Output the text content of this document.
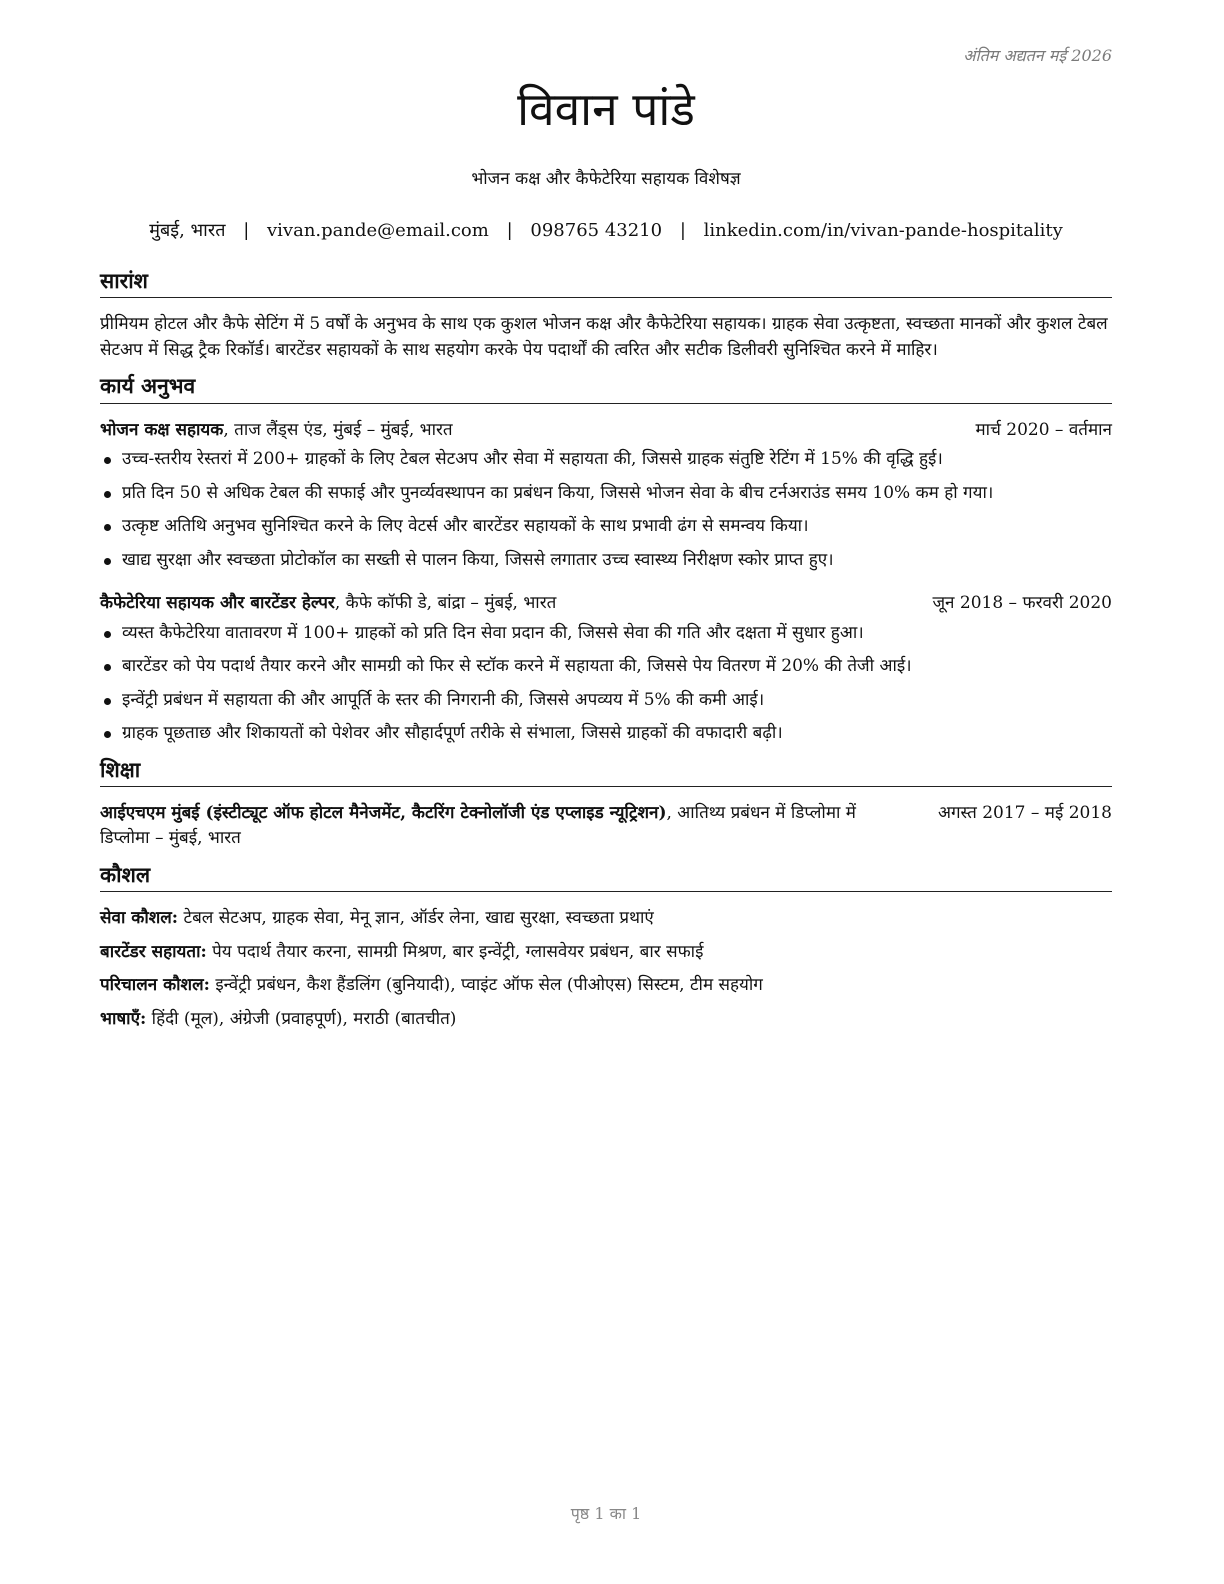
अंतिम अद्यतन मई 2026
विवान पांडे
भोजन कक्ष और कैफेटेरिया सहायक विशेषज्ञ
मुंबई, भारत | vivan.pande@email.com | 098765 43210 | linkedin.com/in/vivan-pande-hospitality
सारांश

प्रीमियम होटल और कैफे सेटिंग में 5 वर्षों के अनुभव के साथ एक कुशल भोजन कक्ष और कैफेटेरिया सहायक। ग्राहक सेवा उत्कृष्टता, स्वच्छता मानकों और कुशल टेबल सेटअप में सिद्ध ट्रैक रिकॉर्ड। बारटेंडर सहायकों के साथ सहयोग करके पेय पदार्थों की त्वरित और सटीक डिलीवरी सुनिश्चित करने में माहिर।

कार्य अनुभव
भोजन कक्ष सहायक, ताज लैंड्स एंड, मुंबई – मुंबई, भारत	मार्च 2020 – वर्तमान
उच्च-स्तरीय रेस्तरां में 200+ ग्राहकों के लिए टेबल सेटअप और सेवा में सहायता की, जिससे ग्राहक संतुष्टि रेटिंग में 15% की वृद्धि हुई।
प्रति दिन 50 से अधिक टेबल की सफाई और पुनर्व्यवस्थापन का प्रबंधन किया, जिससे भोजन सेवा के बीच टर्नअराउंड समय 10% कम हो गया।
उत्कृष्ट अतिथि अनुभव सुनिश्चित करने के लिए वेटर्स और बारटेंडर सहायकों के साथ प्रभावी ढंग से समन्वय किया।
खाद्य सुरक्षा और स्वच्छता प्रोटोकॉल का सख्ती से पालन किया, जिससे लगातार उच्च स्वास्थ्य निरीक्षण स्कोर प्राप्त हुए।
कैफेटेरिया सहायक और बारटेंडर हेल्पर, कैफे कॉफी डे, बांद्रा – मुंबई, भारत	जून 2018 – फरवरी 2020
व्यस्त कैफेटेरिया वातावरण में 100+ ग्राहकों को प्रति दिन सेवा प्रदान की, जिससे सेवा की गति और दक्षता में सुधार हुआ।
बारटेंडर को पेय पदार्थ तैयार करने और सामग्री को फिर से स्टॉक करने में सहायता की, जिससे पेय वितरण में 20% की तेजी आई।
इन्वेंट्री प्रबंधन में सहायता की और आपूर्ति के स्तर की निगरानी की, जिससे अपव्यय में 5% की कमी आई।
ग्राहक पूछताछ और शिकायतों को पेशेवर और सौहार्दपूर्ण तरीके से संभाला, जिससे ग्राहकों की वफादारी बढ़ी।
शिक्षा
आईएचएम मुंबई (इंस्टीट्यूट ऑफ होटल मैनेजमेंट, कैटरिंग टेक्नोलॉजी एंड एप्लाइड न्यूट्रिशन), आतिथ्य प्रबंधन में डिप्लोमा में डिप्लोमा – मुंबई, भारत
अगस्त 2017 – मई 2018
कौशल
सेवा कौशल: टेबल सेटअप, ग्राहक सेवा, मेनू ज्ञान, ऑर्डर लेना, खाद्य सुरक्षा, स्वच्छता प्रथाएं
बारटेंडर सहायता: पेय पदार्थ तैयार करना, सामग्री मिश्रण, बार इन्वेंट्री, ग्लासवेयर प्रबंधन, बार सफाई
परिचालन कौशल: इन्वेंट्री प्रबंधन, कैश हैंडलिंग (बुनियादी), प्वाइंट ऑफ सेल (पीओएस) सिस्टम, टीम सहयोग
भाषाएँ: हिंदी (मूल), अंग्रेजी (प्रवाहपूर्ण), मराठी (बातचीत)
पृष्ठ 1 का 1
